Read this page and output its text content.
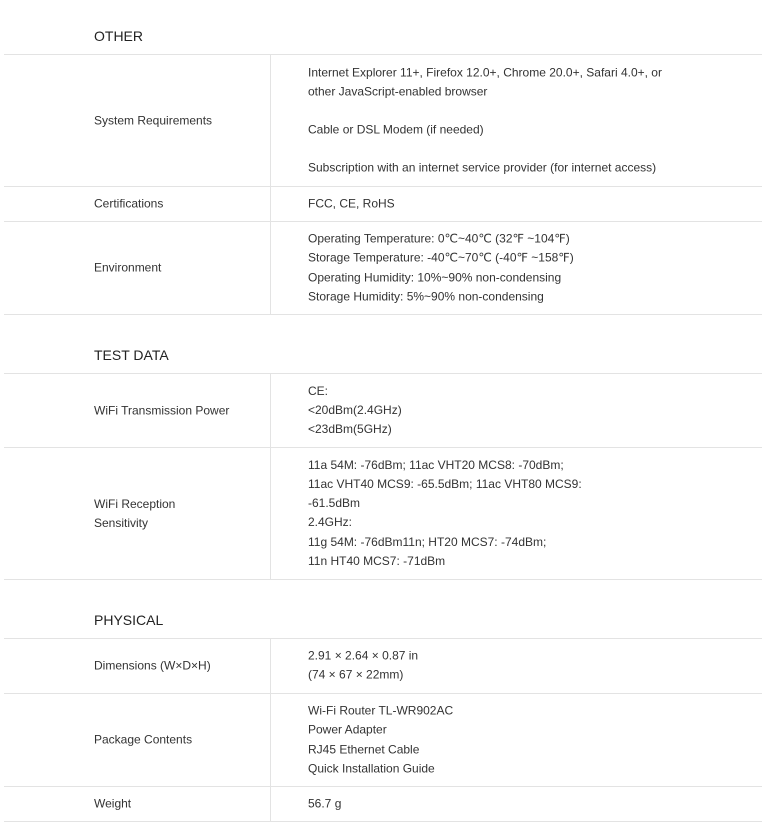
OTHER
System Requirements
Internet Explorer 11+, Firefox 12.0+, Chrome 20.0+, Safari 4.0+, or
other JavaScript-enabled browser
Cable or DSL Modem (if needed)
Subscription with an internet service provider (for internet access)
Certifications	FCC, CE, RoHS
Environment
Operating Temperature: 0℃~40℃ (32℉ ~104℉)
Storage Temperature: -40℃~70℃ (-40℉ ~158℉)
Operating Humidity: 10%~90% non-condensing
Storage Humidity: 5%~90% non-condensing
TEST DATA
WiFi Transmission Power
CE:
<20dBm(2.4GHz)
<23dBm(5GHz)
WiFi Reception
Sensitivity
11a 54M: -76dBm; 11ac VHT20 MCS8: -70dBm;
11ac VHT40 MCS9: -65.5dBm; 11ac VHT80 MCS9:
-61.5dBm
2.4GHz:
11g 54M: -76dBm11n; HT20 MCS7: -74dBm;
11n HT40 MCS7: -71dBm
PHYSICAL
Dimensions (W×D×H)
2.91 × 2.64 × 0.87 in
(74 × 67 × 22mm)
Package Contents
Wi-Fi Router TL-WR902AC
Power Adapter
RJ45 Ethernet Cable
Quick Installation Guide
Weight	56.7 g
